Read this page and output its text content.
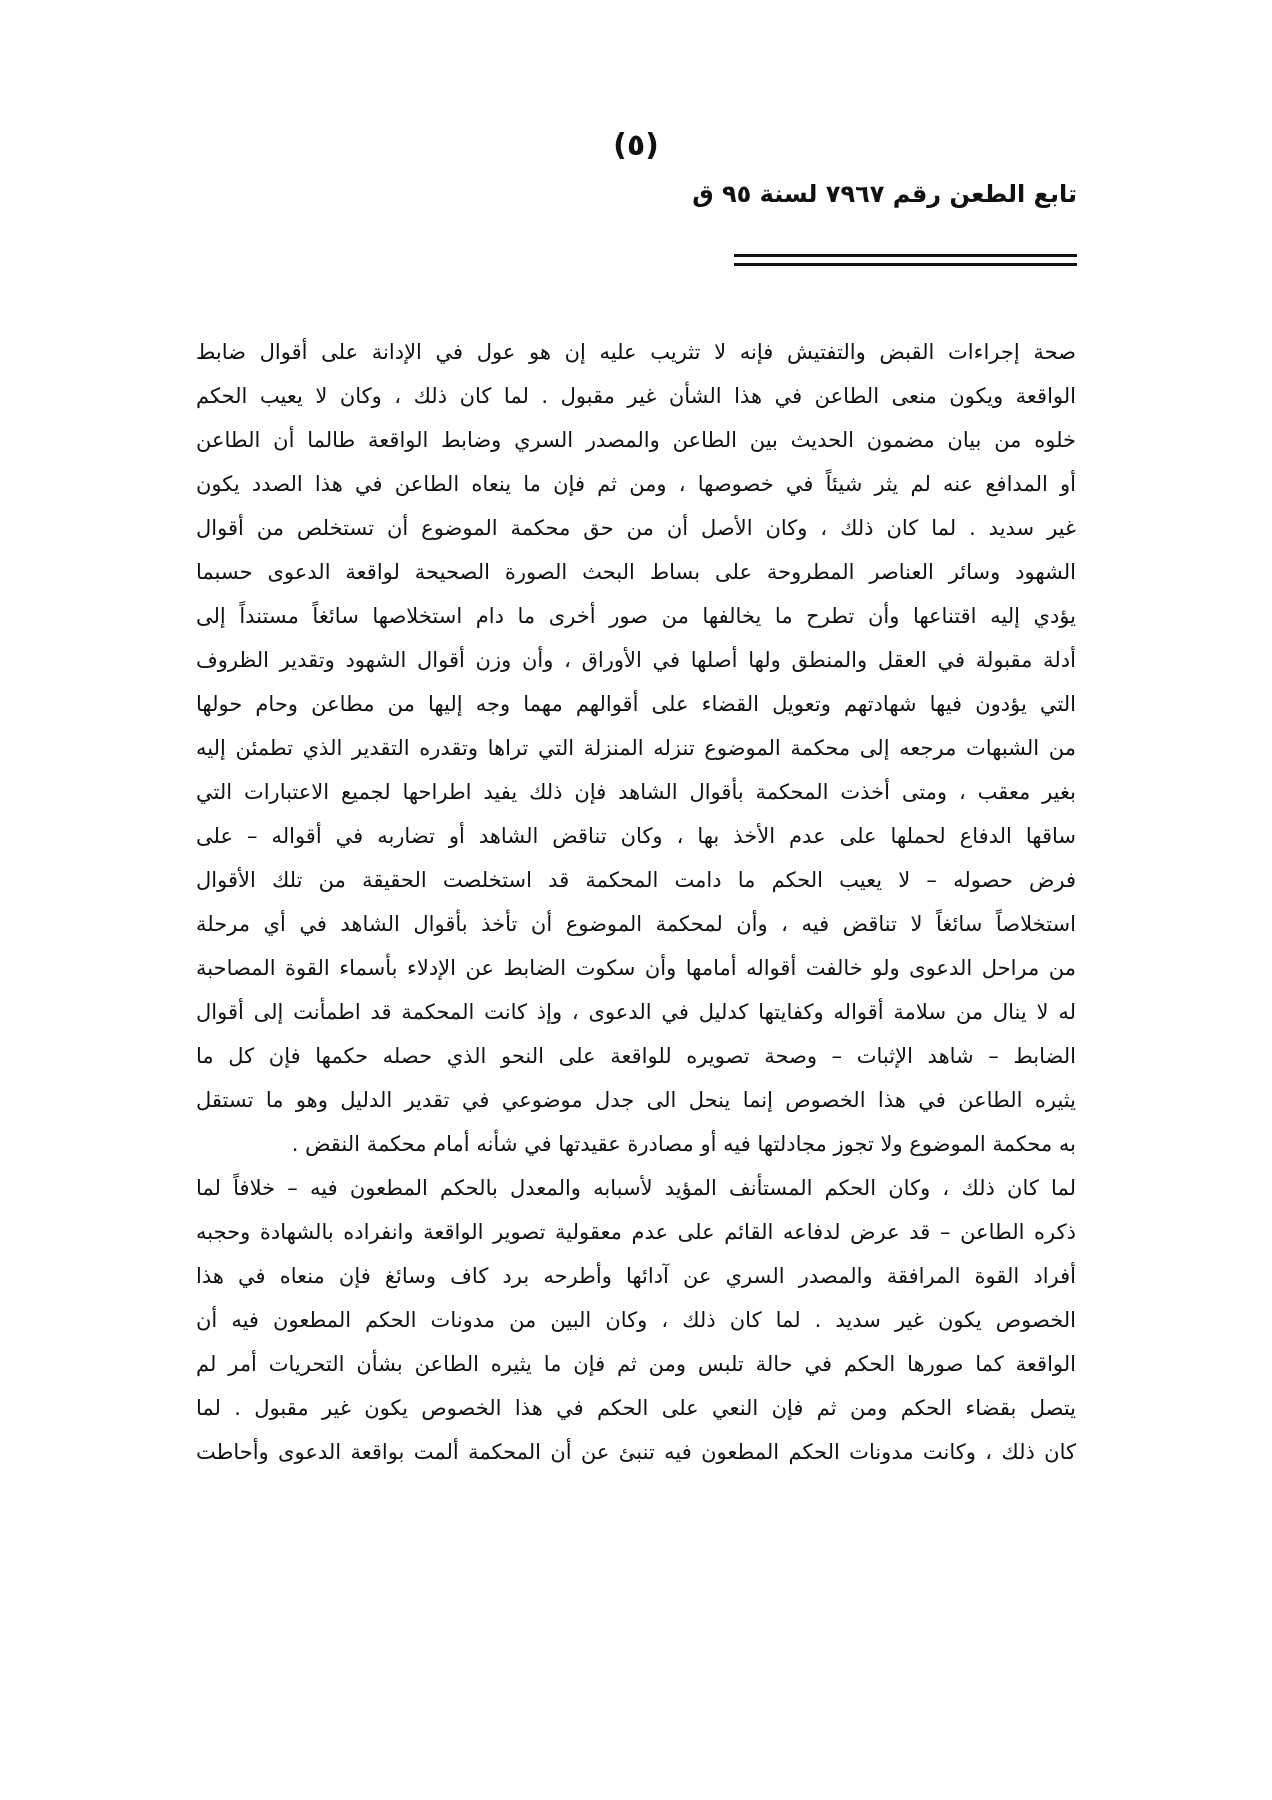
(٥)
تابع الطعن رقم ٧٩٦٧ لسنة ٩٥ ق
صحة إجراءات القبض والتفتيش فإنه لا تثريب عليه إن هو عول في الإدانة على أقوال ضابط
الواقعة ويكون منعى الطاعن في هذا الشأن غير مقبول . لما كان ذلك ، وكان لا يعيب الحكم
خلوه من بيان مضمون الحديث بين الطاعن والمصدر السري وضابط الواقعة طالما أن الطاعن
أو المدافع عنه لم يثر شيئاً في خصوصها ، ومن ثم فإن ما ينعاه الطاعن في هذا الصدد يكون
غير سديد . لما كان ذلك ، وكان الأصل أن من حق محكمة الموضوع أن تستخلص من أقوال
الشهود وسائر العناصر المطروحة على بساط البحث الصورة الصحيحة لواقعة الدعوى حسبما
يؤدي إليه اقتناعها وأن تطرح ما يخالفها من صور أخرى ما دام استخلاصها سائغاً مستنداً إلى
أدلة مقبولة في العقل والمنطق ولها أصلها في الأوراق ، وأن وزن أقوال الشهود وتقدير الظروف
التي يؤدون فيها شهادتهم وتعويل القضاء على أقوالهم مهما وجه إليها من مطاعن وحام حولها
من الشبهات مرجعه إلى محكمة الموضوع تنزله المنزلة التي تراها وتقدره التقدير الذي تطمئن إليه
بغير معقب ، ومتى أخذت المحكمة بأقوال الشاهد فإن ذلك يفيد اطراحها لجميع الاعتبارات التي
ساقها الدفاع لحملها على عدم الأخذ بها ، وكان تناقض الشاهد أو تضاربه في أقواله – على
فرض حصوله – لا يعيب الحكم ما دامت المحكمة قد استخلصت الحقيقة من تلك الأقوال
استخلاصاً سائغاً لا تناقض فيه ، وأن لمحكمة الموضوع أن تأخذ بأقوال الشاهد في أي مرحلة
من مراحل الدعوى ولو خالفت أقواله أمامها وأن سكوت الضابط عن الإدلاء بأسماء القوة المصاحبة
له لا ينال من سلامة أقواله وكفايتها كدليل في الدعوى ، وإذ كانت المحكمة قد اطمأنت إلى أقوال
الضابط – شاهد الإثبات – وصحة تصويره للواقعة على النحو الذي حصله حكمها فإن كل ما
يثيره الطاعن في هذا الخصوص إنما ينحل الى جدل موضوعي في تقدير الدليل وهو ما تستقل
به محكمة الموضوع ولا تجوز مجادلتها فيه أو مصادرة عقيدتها في شأنه أمام محكمة النقض .
لما كان ذلك ، وكان الحكم المستأنف المؤيد لأسبابه والمعدل بالحكم المطعون فيه – خلافاً لما
ذكره الطاعن – قد عرض لدفاعه القائم على عدم معقولية تصوير الواقعة وانفراده بالشهادة وحجبه
أفراد القوة المرافقة والمصدر السري عن آدائها وأطرحه برد كاف وسائغ فإن منعاه في هذا
الخصوص يكون غير سديد . لما كان ذلك ، وكان البين من مدونات الحكم المطعون فيه أن
الواقعة كما صورها الحكم في حالة تلبس ومن ثم فإن ما يثيره الطاعن بشأن التحريات أمر لم
يتصل بقضاء الحكم ومن ثم فإن النعي على الحكم في هذا الخصوص يكون غير مقبول . لما
كان ذلك ، وكانت مدونات الحكم المطعون فيه تنبئ عن أن المحكمة ألمت بواقعة الدعوى وأحاطت
